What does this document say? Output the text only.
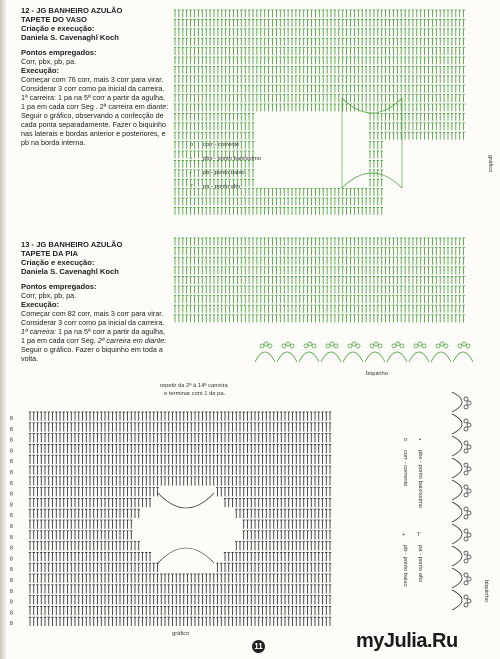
12 - JG BANHEIRO AZULÃO

TAPETE DO VASO

Criação e execução:

Daniela S. Cavenaghl Koch

Pontos empregados:

Corr, pbx, pb, pa.

Execução:

Começar com 76 corr, mais 3 corr para virar. Considerar 3 corr como pa inicial da carreira. 1ª carreira: 1 pa na 5ª corr a partir da agulha, 1 pa em cada corr Seg . 2ª carreira em diante: Seguir o gráfico, observando a confecção de cada ponta separadamente. Fazer o biquinho nas laterais e bordas anterior e posteriores, e pb na borda interna.

13 - JG BANHEIRO AZULÃO

TAPETE DA PIA

Criação e execução:

Daniela S. Cavenaghl Koch

Pontos empregados:

Corr, pbx, pb, pa.

Execução:

Começar com 82 corr, mais 3 corr para virar. Considerar 3 corr como pa inicial da carreira. 1ª carreira: 1 pa na 5ª corr a partir da agulha, 1 pa em cada corr Seg. 2ª carreira em diante: Seguir o gráfico. Fazer o biquinho em toda a volta.

o corr - corrente
• pbx - ponto baixíssimo
+ pb - ponto baixo
T pa - ponto alto
gráfico
biquinho
repetir da 2ª à 14ª carreira
e terminar com 1 de pa.
8
8
8
8
8
8
8
8
8
8
8
8
8
8
8
8
8
8
8
8
gráfico
o
corr - corrente
•
pbx - ponto baixíssimo
+
pb - ponto baixo
T
pa - ponto alto
biquinho
11	myJulia.Ru
